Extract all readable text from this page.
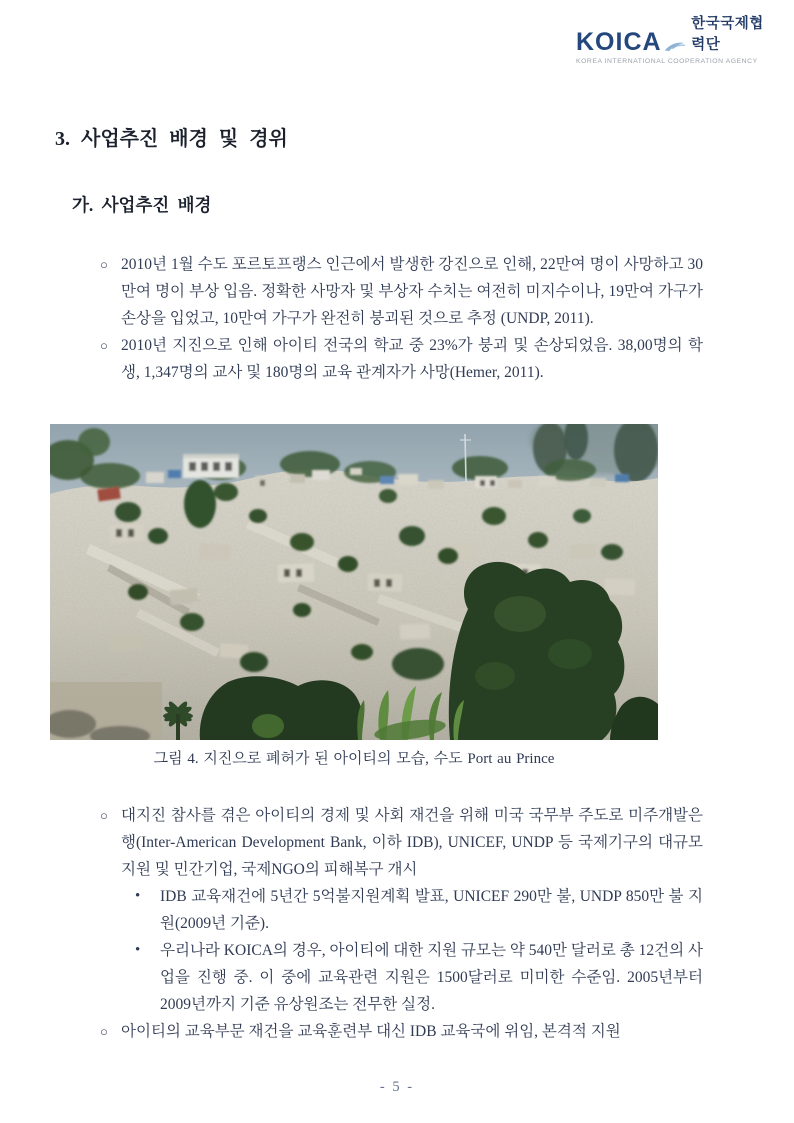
KOICA
한국국제협력단
KOREA INTERNATIONAL COOPERATION AGENCY
3. 사업추진 배경 및 경위
가. 사업추진 배경
○ 2010년 1월 수도 포르토프랭스 인근에서 발생한 강진으로 인해, 22만여 명이 사망하고 30만여 명이 부상 입음. 정확한 사망자 및 부상자 수치는 여전히 미지수이나, 19만여 가구가 손상을 입었고, 10만여 가구가 완전히 붕괴된 것으로 추정 (UNDP, 2011).

○ 2010년 지진으로 인해 아이티 전국의 학교 중 23%가 붕괴 및 손상되었음. 38,00명의 학생, 1,347명의 교사 및 180명의 교육 관계자가 사망(Hemer, 2011).

그림 4. 지진으로 폐허가 된 아이티의 모습, 수도 Port au Prince
○ 대지진 참사를 겪은 아이티의 경제 및 사회 재건을 위해 미국 국무부 주도로 미주개발은행(Inter-American Development Bank, 이하 IDB), UNICEF, UNDP 등 국제기구의 대규모 지원 및 민간기업, 국제NGO의 피해복구 개시

•	IDB 교육재건에 5년간 5억불지원계획 발표, UNICEF 290만 불, UNDP 850만 불 지원(2009년 기준).

•	우리나라 KOICA의 경우, 아이티에 대한 지원 규모는 약 540만 달러로 총 12건의 사업을 진행 중. 이 중에 교육관련 지원은 1500달러로 미미한 수준임. 2005년부터 2009년까지 기준 유상원조는 전무한 실정.

○ 아이티의 교육부문 재건을 교육훈련부 대신 IDB 교육국에 위임, 본격적 지원

- 5 -
